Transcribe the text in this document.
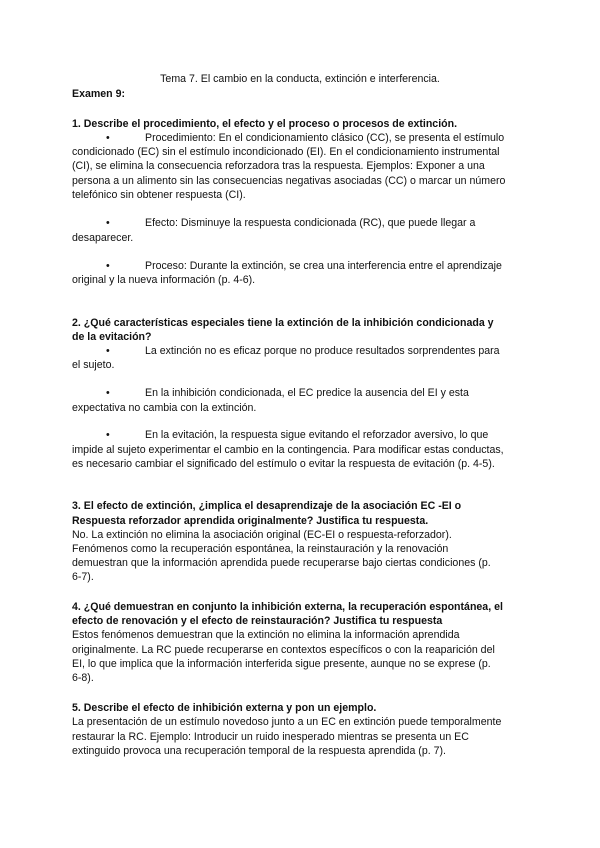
Tema 7. El cambio en la conducta, extinción e interferencia.
Examen 9:
1. Describe el procedimiento, el efecto y el proceso o procesos de extinción.
•	Procedimiento: En el condicionamiento clásico (CC), se presenta el estímulo
condicionado (EC) sin el estímulo incondicionado (EI). En el condicionamiento instrumental
(CI), se elimina la consecuencia reforzadora tras la respuesta. Ejemplos: Exponer a una
persona a un alimento sin las consecuencias negativas asociadas (CC) o marcar un número
telefónico sin obtener respuesta (CI).
•	Efecto: Disminuye la respuesta condicionada (RC), que puede llegar a
desaparecer.
•	Proceso: Durante la extinción, se crea una interferencia entre el aprendizaje
original y la nueva información (p. 4-6).
2. ¿Qué características especiales tiene la extinción de la inhibición condicionada y
de la evitación?
•	La extinción no es eficaz porque no produce resultados sorprendentes para
el sujeto.
•	En la inhibición condicionada, el EC predice la ausencia del EI y esta
expectativa no cambia con la extinción.
•	En la evitación, la respuesta sigue evitando el reforzador aversivo, lo que
impide al sujeto experimentar el cambio en la contingencia. Para modificar estas conductas,
es necesario cambiar el significado del estímulo o evitar la respuesta de evitación (p. 4-5).
3. El efecto de extinción, ¿implica el desaprendizaje de la asociación EC -EI o
Respuesta reforzador aprendida originalmente? Justifica tu respuesta.
No. La extinción no elimina la asociación original (EC-EI o respuesta-reforzador).
Fenómenos como la recuperación espontánea, la reinstauración y la renovación
demuestran que la información aprendida puede recuperarse bajo ciertas condiciones (p.
6-7).
4. ¿Qué demuestran en conjunto la inhibición externa, la recuperación espontánea, el
efecto de renovación y el efecto de reinstauración? Justifica tu respuesta
Estos fenómenos demuestran que la extinción no elimina la información aprendida
originalmente. La RC puede recuperarse en contextos específicos o con la reaparición del
EI, lo que implica que la información interferida sigue presente, aunque no se exprese (p.
6-8).
5. Describe el efecto de inhibición externa y pon un ejemplo.
La presentación de un estímulo novedoso junto a un EC en extinción puede temporalmente
restaurar la RC. Ejemplo: Introducir un ruido inesperado mientras se presenta un EC
extinguido provoca una recuperación temporal de la respuesta aprendida (p. 7).
